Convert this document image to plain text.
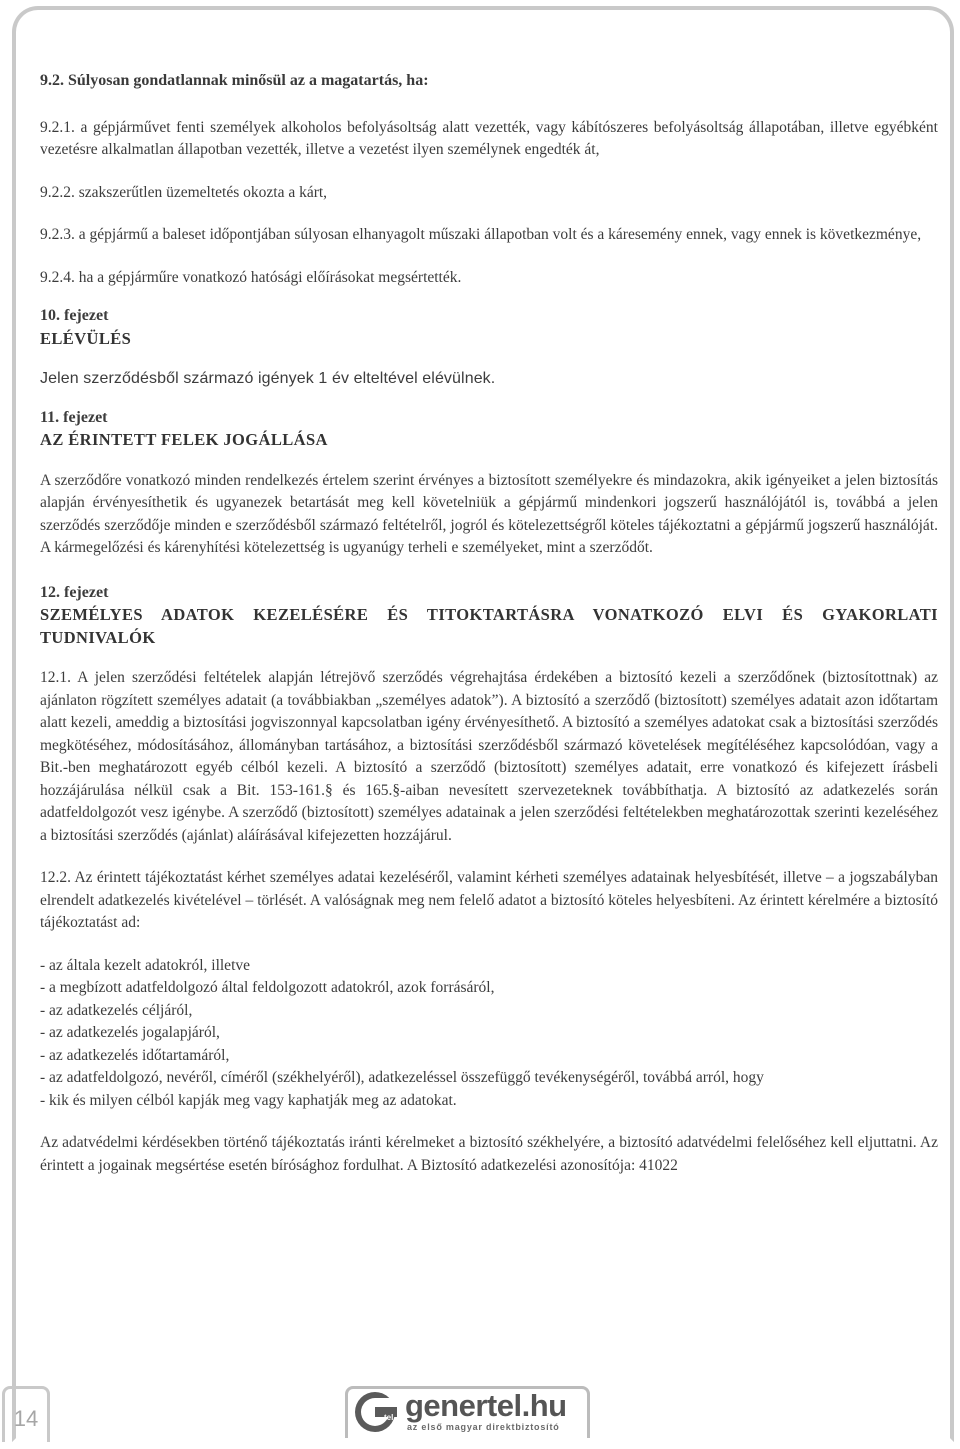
9.2. Súlyosan gondatlannak minősül az a magatartás, ha:

9.2.1. a gépjárművet fenti személyek alkoholos befolyásoltság alatt vezették, vagy kábítószeres befolyásoltság állapotában, illetve egyébként vezetésre alkalmatlan állapotban vezették, illetve a vezetést ilyen személynek engedték át,

9.2.2. szakszerűtlen üzemeltetés okozta a kárt,

9.2.3. a gépjármű a baleset időpontjában súlyosan elhanyagolt műszaki állapotban volt és a káresemény ennek, vagy ennek is következménye,

9.2.4. ha a gépjárműre vonatkozó hatósági előírásokat megsértették.

10. fejezet

ELÉVÜLÉS

Jelen szerződésből származó igények 1 év elteltével elévülnek.

11. fejezet

AZ ÉRINTETT FELEK JOGÁLLÁSA

A szerződőre vonatkozó minden rendelkezés értelem szerint érvényes a biztosított személyekre és mindazokra, akik igényeiket a jelen biztosítás alapján érvényesíthetik és ugyanezek betartását meg kell követelniük a gépjármű mindenkori jogszerű használójától is, továbbá a jelen szerződés szerződője minden e szerződésből származó feltételről, jogról és kötelezettségről köteles tájékoztatni a gépjármű jogszerű használóját. A kármegelőzési és kárenyhítési kötelezettség is ugyanúgy terheli e személyeket, mint a szerződőt.

12. fejezet

SZEMÉLYES ADATOK KEZELÉSÉRE ÉS TITOKTARTÁSRA VONATKOZÓ ELVI ÉS GYAKORLATI TUDNIVALÓK

12.1. A jelen szerződési feltételek alapján létrejövő szerződés végrehajtása érdekében a biztosító kezeli a szerződőnek (biztosítottnak) az ajánlaton rögzített személyes adatait (a továbbiakban „személyes adatok”). A biztosító a szerződő (biztosított) személyes adatait azon időtartam alatt kezeli, ameddig a biztosítási jogviszonnyal kapcsolatban igény érvényesíthető. A biztosító a személyes adatokat csak a biztosítási szerződés megkötéséhez, módosításához, állományban tartásához, a biztosítási szerződésből származó követelések megítéléséhez kapcsolódóan, vagy a Bit.-ben meghatározott egyéb célból kezeli. A biztosító a szerződő (biztosított) személyes adatait, erre vonatkozó és kifejezett írásbeli hozzájárulása nélkül csak a Bit. 153-161.§ és 165.§-aiban nevesített szervezeteknek továbbíthatja. A biztosító az adatkezelés során adatfeldolgozót vesz igénybe. A szerződő (biztosított) személyes adatainak a jelen szerződési feltételekben meghatározottak szerinti kezeléséhez a biztosítási szerződés (ajánlat) aláírásával kifejezetten hozzájárul.

12.2. Az érintett tájékoztatást kérhet személyes adatai kezeléséről, valamint kérheti személyes adatainak helyesbítését, illetve – a jogszabályban elrendelt adatkezelés kivételével – törlését. A valóságnak meg nem felelő adatot a biztosító köteles helyesbíteni. Az érintett kérelmére a biztosító tájékoztatást ad:

- az általa kezelt adatokról, illetve
- a megbízott adatfeldolgozó által feldolgozott adatokról, azok forrásáról,
- az adatkezelés céljáról,
- az adatkezelés jogalapjáról,
- az adatkezelés időtartamáról,
- az adatfeldolgozó, nevéről, címéről (székhelyéről), adatkezeléssel összefüggő tevékenységéről, továbbá arról, hogy
- kik és milyen célból kapják meg vagy kaphatják meg az adatokat.

Az adatvédelmi kérdésekben történő tájékoztatás iránti kérelmeket a biztosító székhelyére, a biztosító adatvédelmi felelőséhez kell eljuttatni. Az érintett a jogainak megsértése esetén bírósághoz fordulhat. A Biztosító adatkezelési azonosítója: 41022

14	tel genertel.hu
az első magyar direktbiztosító
